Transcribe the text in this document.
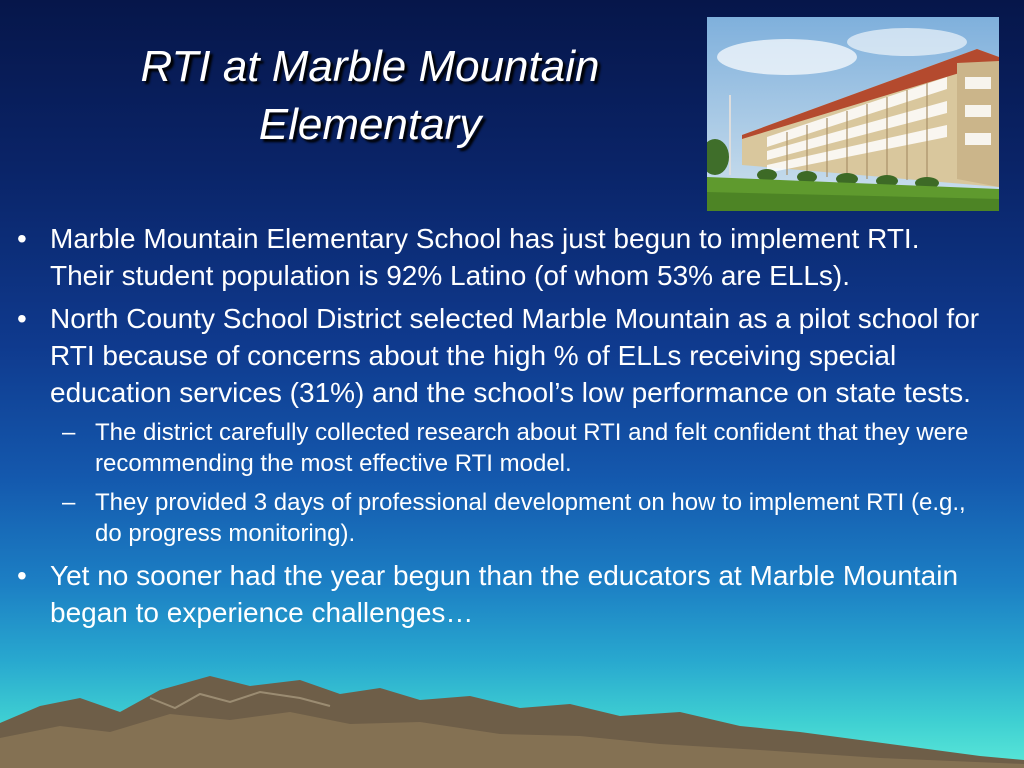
RTI at Marble Mountain Elementary
• Marble Mountain Elementary School has just begun to implement RTI. Their student population is 92% Latino (of whom 53% are ELLs).
• North County School District selected Marble Mountain as a pilot school for RTI because of concerns about the high % of ELLs receiving special education services (31%) and the school’s low performance on state tests.
– The district carefully collected research about RTI and felt confident that they were recommending the most effective RTI model.
– They provided 3 days of professional development on how to implement RTI (e.g., do progress monitoring).
• Yet no sooner had the year begun than the educators at Marble Mountain began to experience challenges…
